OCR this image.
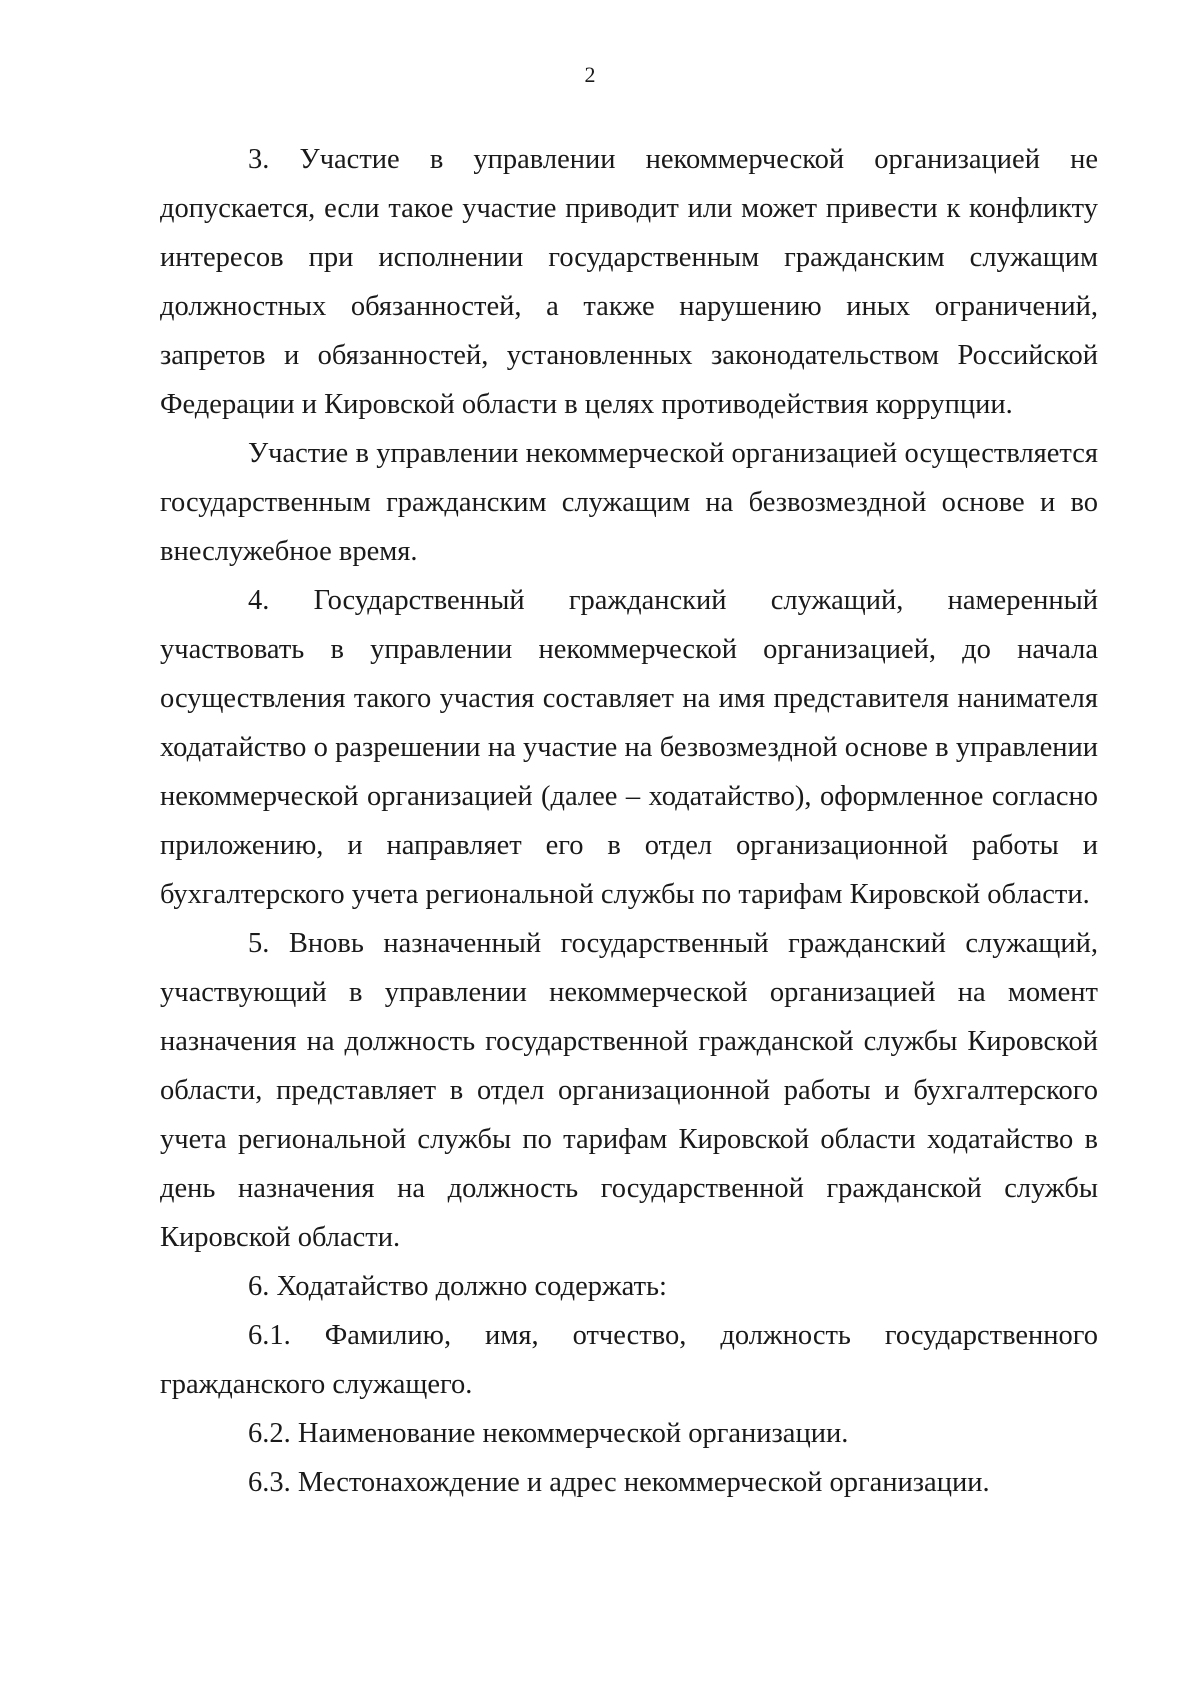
2

3. Участие в управлении некоммерческой организацией не допускается, если такое участие приводит или может привести к конфликту интересов при исполнении государственным гражданским служащим должностных обязанностей, а также нарушению иных ограничений, запретов и обязанностей, установленных законодательством Российской Федерации и Кировской области в целях противодействия коррупции.

Участие в управлении некоммерческой организацией осуществляется государственным гражданским служащим на безвозмездной основе и во внеслужебное время.

4. Государственный гражданский служащий, намеренный участвовать в управлении некоммерческой организацией, до начала осуществления такого участия составляет на имя представителя нанимателя ходатайство о разрешении на участие на безвозмездной основе в управлении некоммерческой организацией (далее – ходатайство), оформленное согласно приложению, и направляет его в отдел организационной работы и бухгалтерского учета региональной службы по тарифам Кировской области.

5. Вновь назначенный государственный гражданский служащий, участвующий в управлении некоммерческой организацией на момент назначения на должность государственной гражданской службы Кировской области, представляет в отдел организационной работы и бухгалтерского учета региональной службы по тарифам Кировской области ходатайство в день назначения на должность государственной гражданской службы Кировской области.

6. Ходатайство должно содержать:

6.1. Фамилию, имя, отчество, должность государственного гражданского служащего.

6.2. Наименование некоммерческой организации.

6.3. Местонахождение и адрес некоммерческой организации.
